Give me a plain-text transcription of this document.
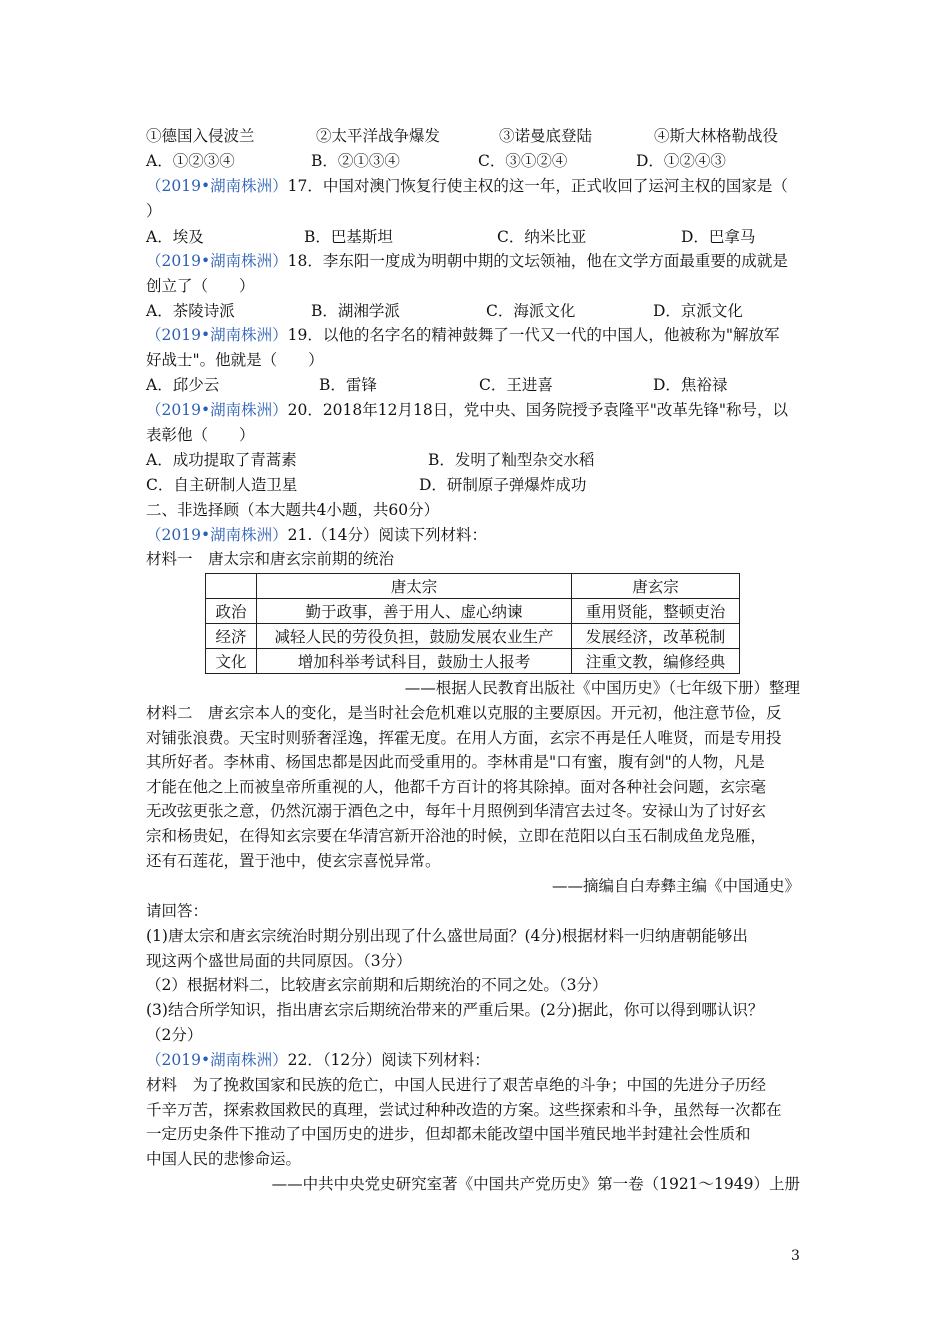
①德国入侵波兰	②太平洋战争爆发	③诺曼底登陆	④斯大林格勒战役
A．①②③④	B．②①③④	C．③①②④	D．①②④③
（2019•湖南株洲）17．中国对澳门恢复行使主权的这一年，正式收回了运河主权的国家是（
）
A．埃及	B．巴基斯坦	C．纳米比亚	D．巴拿马
（2019•湖南株洲）18．李东阳一度成为明朝中期的文坛领袖，他在文学方面最重要的成就是
创立了（　　）
A．茶陵诗派	B．湖湘学派	C．海派文化	D．京派文化
（2019•湖南株洲）19．以他的名字名的精神鼓舞了一代又一代的中国人，他被称为"解放军
好战士"。他就是（　　）
A．邱少云	B．雷锋	C．王进喜	D．焦裕禄
（2019•湖南株洲）20．2018年12月18日，党中央、国务院授予袁隆平"改革先锋"称号，以
表彰他（　　）
A．成功提取了青蒿素	B．发明了籼型杂交水稻
C．自主研制人造卫星	D．研制原子弹爆炸成功
二、非选择顾（本大题共4小题，共60分）
（2019•湖南株洲）21.（14分）阅读下列材料：
材料一　唐太宗和唐玄宗前期的统治
	唐太宗	唐玄宗
政治	勤于政事，善于用人、虚心纳谏	重用贤能，整顿吏治
经济	减轻人民的劳役负担，鼓励发展农业生产	发展经济，改革税制
文化	增加科举考试科目，鼓励士人报考	注重文教，编修经典
——根据人民教育出版社《中国历史》（七年级下册）整理
材料二　唐玄宗本人的变化，是当时社会危机难以克服的主要原因。开元初，他注意节俭，反
对铺张浪费。天宝时则骄奢淫逸，挥霍无度。在用人方面，玄宗不再是任人唯贤，而是专用投
其所好者。李林甫、杨国忠都是因此而受重用的。李林甫是"口有蜜，腹有剑"的人物，凡是
才能在他之上而被皇帝所重视的人，他都千方百计的将其除掉。面对各种社会问题，玄宗毫
无改弦更张之意，仍然沉溺于酒色之中，每年十月照例到华清宫去过冬。安禄山为了讨好玄
宗和杨贵妃，在得知玄宗要在华清宫新开浴池的时候，立即在范阳以白玉石制成鱼龙凫雁，
还有石莲花，置于池中，使玄宗喜悦异常。
——摘编自白寿彝主编《中国通史》
请回答：
(1)唐太宗和唐玄宗统治时期分别出现了什么盛世局面？(4分)根据材料一归纳唐朝能够出
现这两个盛世局面的共同原因。（3分）
（2）根据材料二，比较唐玄宗前期和后期统治的不同之处。（3分）
(3)结合所学知识，指出唐玄宗后期统治带来的严重后果。(2分)据此，你可以得到哪认识？
（2分）
（2019•湖南株洲）22．（12分）阅读下列材料：
材料　为了挽救国家和民族的危亡，中国人民进行了艰苦卓绝的斗争；中国的先进分子历经
千辛万苦，探索救国救民的真理，尝试过种种改造的方案。这些探索和斗争，虽然每一次都在
一定历史条件下推动了中国历史的进步，但却都未能改望中国半殖民地半封建社会性质和
中国人民的悲惨命运。
——中共中央党史研究室著《中国共产党历史》第一卷（1921～1949）上册
3
